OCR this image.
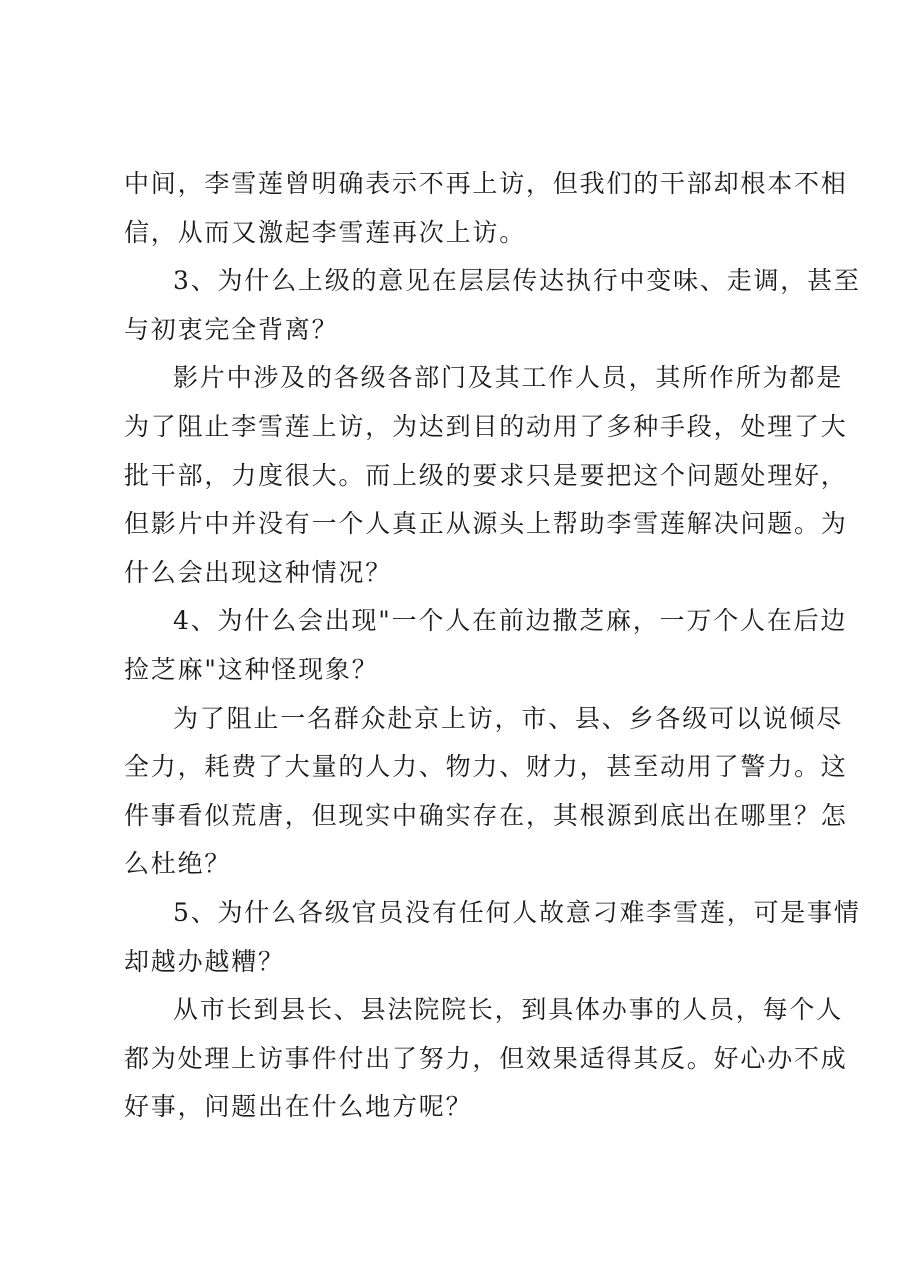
中间，李雪莲曾明确表示不再上访，但我们的干部却根本不相
信，从而又激起李雪莲再次上访。
3、为什么上级的意见在层层传达执行中变味、走调，甚至
与初衷完全背离？
影片中涉及的各级各部门及其工作人员，其所作所为都是
为了阻止李雪莲上访，为达到目的动用了多种手段，处理了大
批干部，力度很大。而上级的要求只是要把这个问题处理好，
但影片中并没有一个人真正从源头上帮助李雪莲解决问题。为
什么会出现这种情况？
4、为什么会出现"一个人在前边撒芝麻，一万个人在后边
捡芝麻"这种怪现象？
为了阻止一名群众赴京上访，市、县、乡各级可以说倾尽
全力，耗费了大量的人力、物力、财力，甚至动用了警力。这
件事看似荒唐，但现实中确实存在，其根源到底出在哪里？怎
么杜绝？
5、为什么各级官员没有任何人故意刁难李雪莲，可是事情
却越办越糟？
从市长到县长、县法院院长，到具体办事的人员，每个人
都为处理上访事件付出了努力，但效果适得其反。好心办不成
好事，问题出在什么地方呢？
